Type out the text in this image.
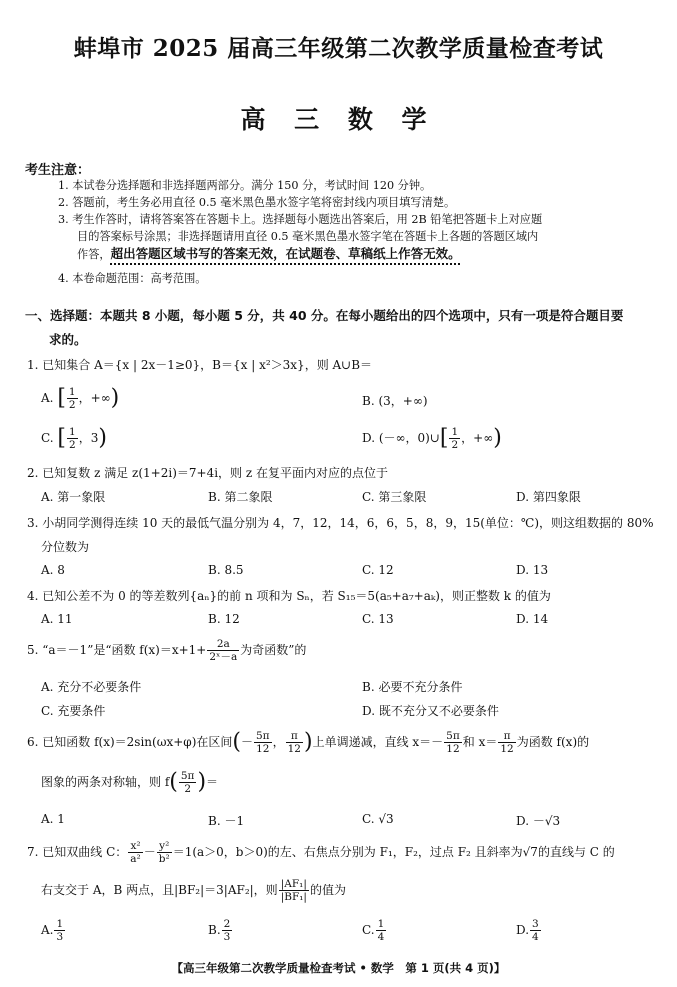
蚌埠市 2025 届高三年级第二次教学质量检查考试
高 三 数 学
考生注意：
1. 本试卷分选择题和非选择题两部分。满分 150 分，考试时间 120 分钟。
2. 答题前，考生务必用直径 0.5 毫米黑色墨水签字笔将密封线内项目填写清楚。
3. 考生作答时，请将答案答在答题卡上。选择题每小题选出答案后，用 2B 铅笔把答题卡上对应题
目的答案标号涂黑；非选择题请用直径 0.5 毫米黑色墨水签字笔在答题卡上各题的答题区域内
作答，超出答题区域书写的答案无效，在试题卷、草稿纸上作答无效。
4. 本卷命题范围：高考范围。
一、选择题：本题共 8 小题，每小题 5 分，共 40 分。在每小题给出的四个选项中，只有一项是符合题目要
求的。
1. 已知集合 A＝{x | 2x－1≥0}，B＝{x | x²＞3x}，则 A∪B＝
A. [ $\frac{1}{2}$ ，+∞)	B. (3，+∞)
C. [ $\frac{1}{2}$ ，3)	D. (－∞，0)∪[ $\frac{1}{2}$ ，+∞)
2. 已知复数 z 满足 z(1+2i)＝7+4i，则 z 在复平面内对应的点位于
A. 第一象限	B. 第二象限	C. 第三象限	D. 第四象限
3. 小胡同学测得连续 10 天的最低气温分别为 4，7，12，14，6，6，5，8，9，15(单位：℃)，则这组数据的 80%
分位数为
A. 8	B. 8.5	C. 12	D. 13
4. 已知公差不为 0 的等差数列{aₙ}的前 n 项和为 Sₙ，若 S₁₅＝5(a₅+a₇+aₖ)，则正整数 k 的值为
A. 11	B. 12	C. 13	D. 14
5. “a＝－1”是“函数 $f(x)=x+1+ \frac{2a}{\text{2ˣ－a}}$ 为奇函数”的
A. 充分不必要条件	B. 必要不充分条件
C. 充要条件	D. 既不充分又不必要条件
6. 已知函数 f(x)＝2sin(ωx+φ)在区间(－ $\frac{5\pi}{12}$ ， $\frac{\pi}{12}$ )上单调递减，直线 $x=- \frac{5\pi}{12}$ 和 $x= \frac{\pi}{12}$ 为函数 f(x)的
图象的两条对称轴，则 $f( \frac{5\pi}{2}$ )＝
A. 1	B. －1	C. √3	D. －√3
7. 已知双曲线 C： $\frac{\text{x²}}{\text{a²}} - \frac{\text{y²}}{\text{b²}} =1(a>0$，b＞0)的左、右焦点分别为 F₁，F₂，过点 F₂ 且斜率为√7的直线与 C 的
右支交于 A，B 两点，且|BF₂|＝3|AF₂|，则 $\frac{\text{|AF₁|}}{\text{|BF₁|}}$ 的值为
A. $\frac{1}{3}$	B. $\frac{2}{3}$	C. $\frac{1}{4}$	D. $\frac{3}{4}$
【高三年级第二次教学质量检查考试 • 数学　第 1 页(共 4 页)】
